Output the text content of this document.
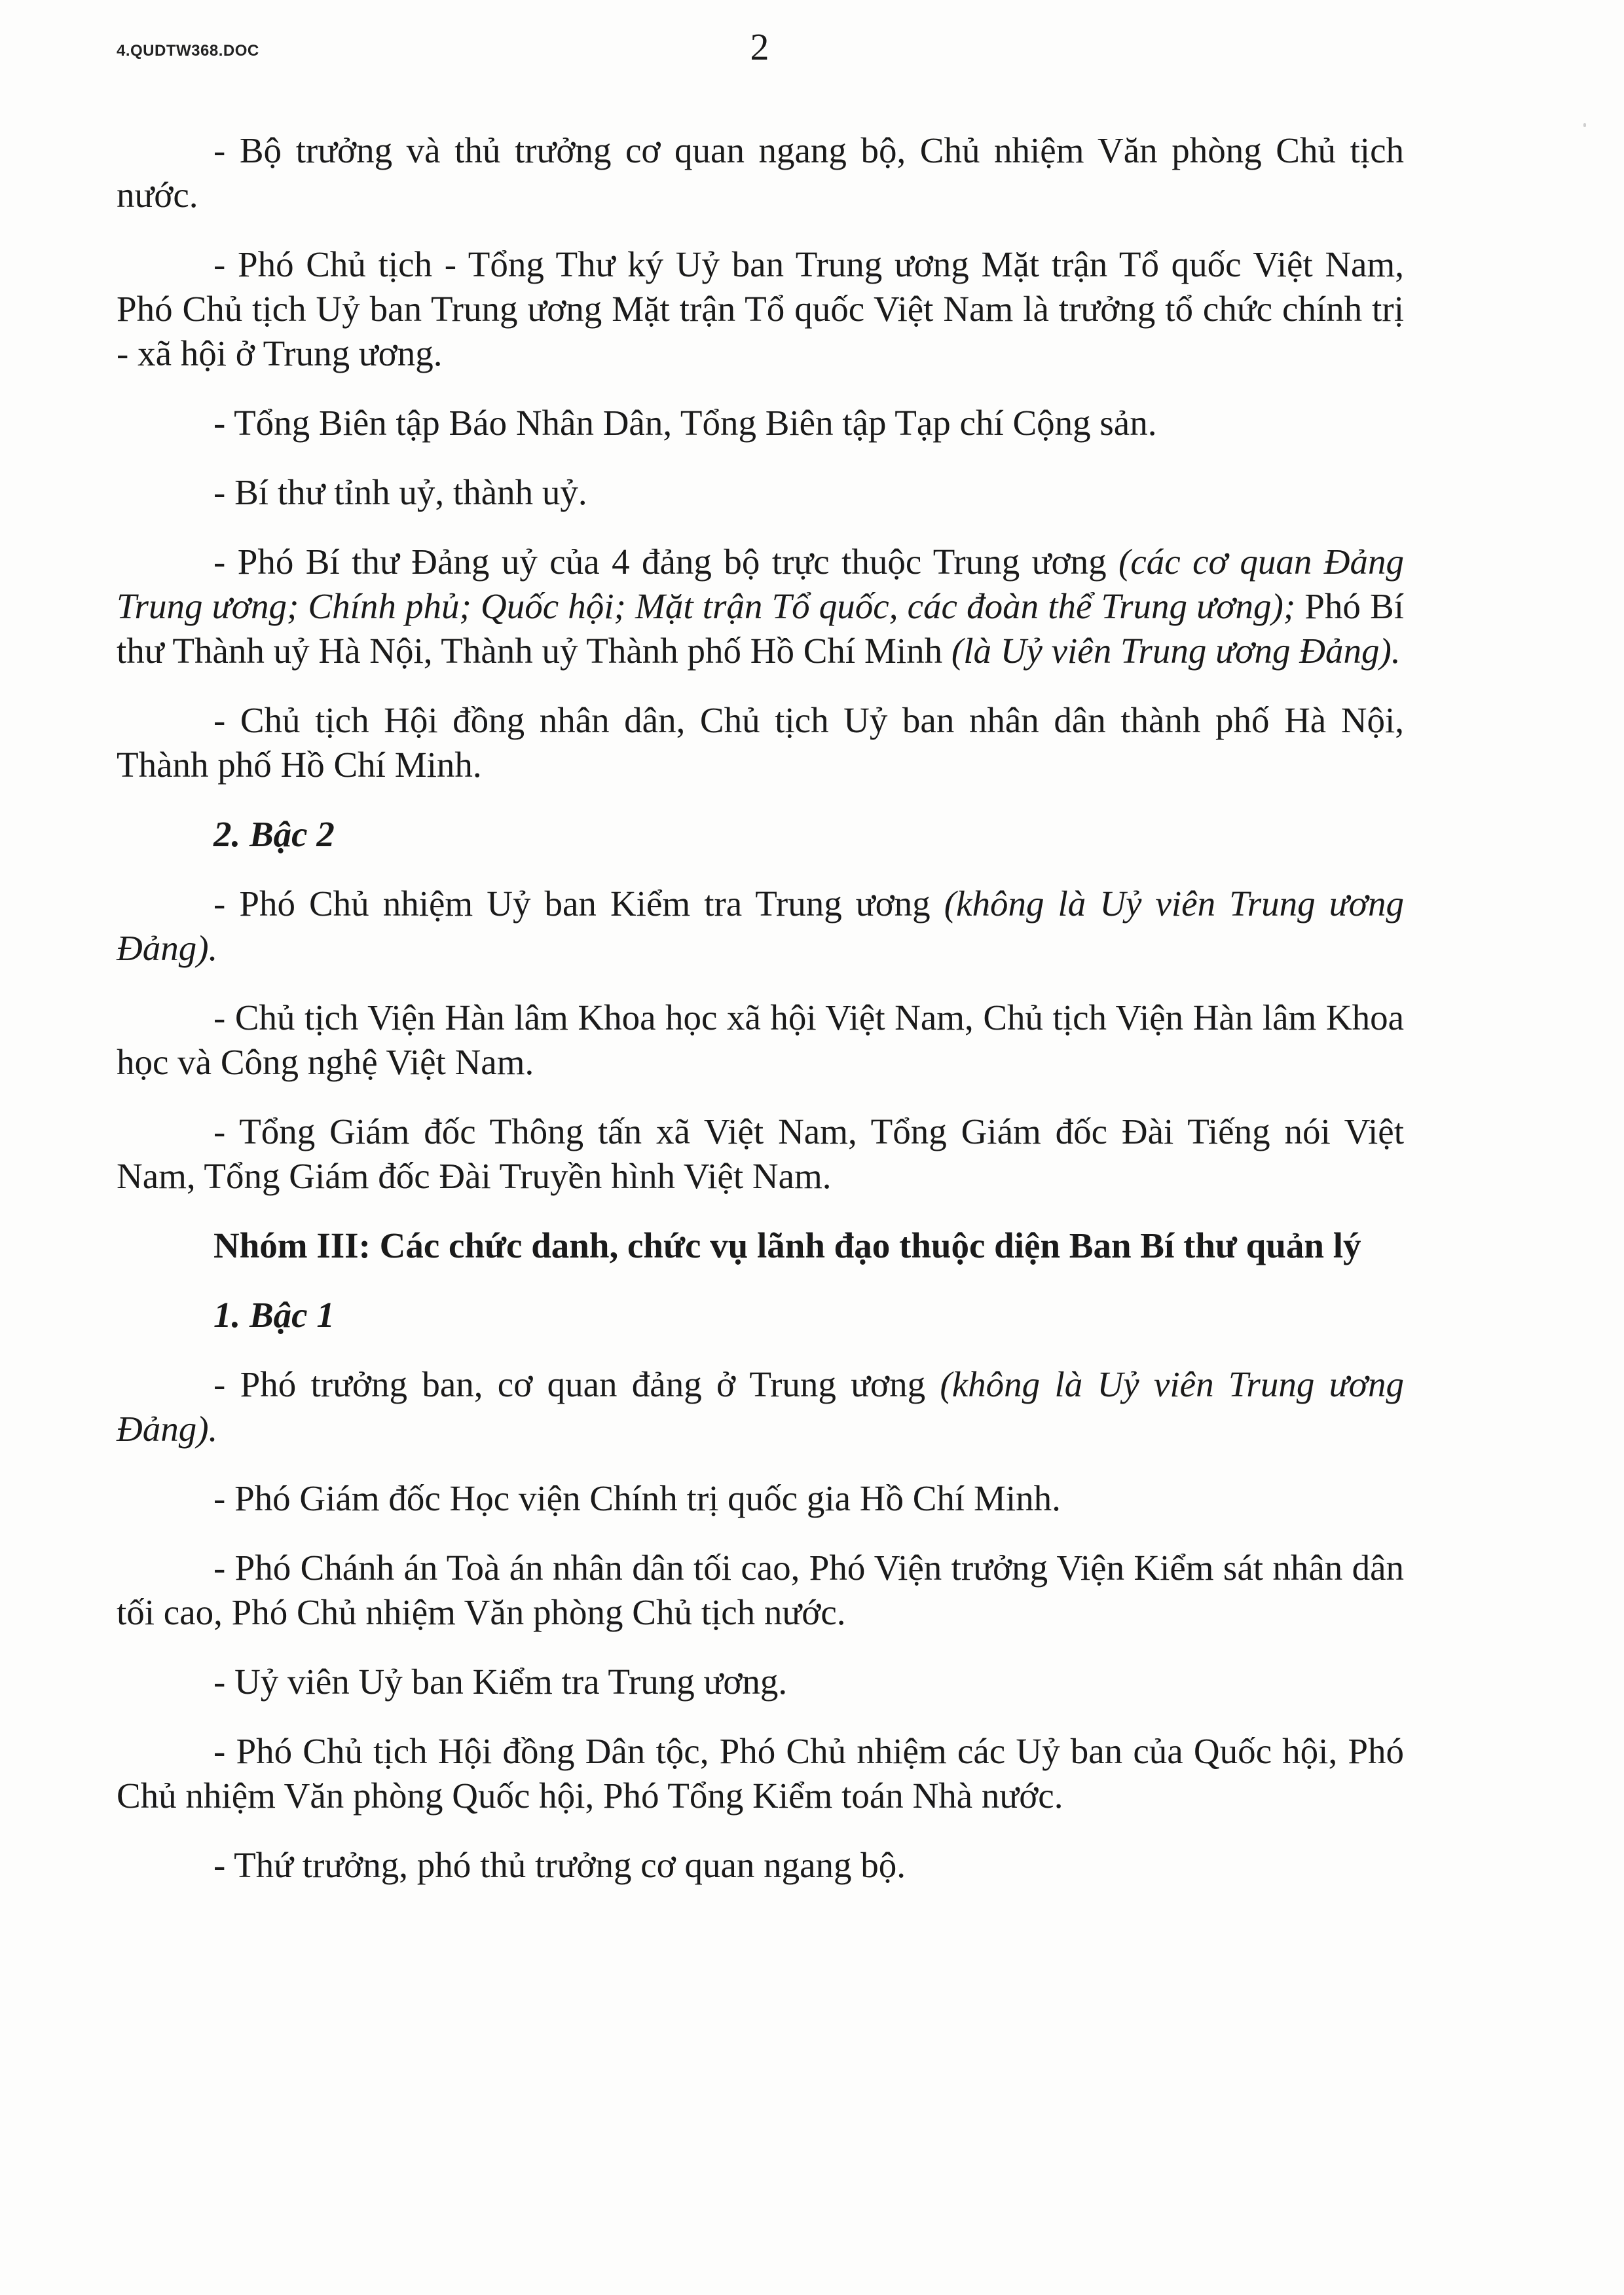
4.QUDTW368.DOC	2

- Bộ trưởng và thủ trưởng cơ quan ngang bộ, Chủ nhiệm Văn phòng Chủ tịch nước.

- Phó Chủ tịch - Tổng Thư ký Uỷ ban Trung ương Mặt trận Tổ quốc Việt Nam, Phó Chủ tịch Uỷ ban Trung ương Mặt trận Tổ quốc Việt Nam là trưởng tổ chức chính trị - xã hội ở Trung ương.

- Tổng Biên tập Báo Nhân Dân, Tổng Biên tập Tạp chí Cộng sản.

- Bí thư tỉnh uỷ, thành uỷ.

- Phó Bí thư Đảng uỷ của 4 đảng bộ trực thuộc Trung ương (các cơ quan Đảng Trung ương; Chính phủ; Quốc hội; Mặt trận Tổ quốc, các đoàn thể Trung ương); Phó Bí thư Thành uỷ Hà Nội, Thành uỷ Thành phố Hồ Chí Minh (là Uỷ viên Trung ương Đảng).

- Chủ tịch Hội đồng nhân dân, Chủ tịch Uỷ ban nhân dân thành phố Hà Nội, Thành phố Hồ Chí Minh.

2. Bậc 2

- Phó Chủ nhiệm Uỷ ban Kiểm tra Trung ương (không là Uỷ viên Trung ương Đảng).

- Chủ tịch Viện Hàn lâm Khoa học xã hội Việt Nam, Chủ tịch Viện Hàn lâm Khoa học và Công nghệ Việt Nam.

- Tổng Giám đốc Thông tấn xã Việt Nam, Tổng Giám đốc Đài Tiếng nói Việt Nam, Tổng Giám đốc Đài Truyền hình Việt Nam.

Nhóm III: Các chức danh, chức vụ lãnh đạo thuộc diện Ban Bí thư quản lý

1. Bậc 1

- Phó trưởng ban, cơ quan đảng ở Trung ương (không là Uỷ viên Trung ương Đảng).

- Phó Giám đốc Học viện Chính trị quốc gia Hồ Chí Minh.

- Phó Chánh án Toà án nhân dân tối cao, Phó Viện trưởng Viện Kiểm sát nhân dân tối cao, Phó Chủ nhiệm Văn phòng Chủ tịch nước.

- Uỷ viên Uỷ ban Kiểm tra Trung ương.

- Phó Chủ tịch Hội đồng Dân tộc, Phó Chủ nhiệm các Uỷ ban của Quốc hội, Phó Chủ nhiệm Văn phòng Quốc hội, Phó Tổng Kiểm toán Nhà nước.

- Thứ trưởng, phó thủ trưởng cơ quan ngang bộ.
